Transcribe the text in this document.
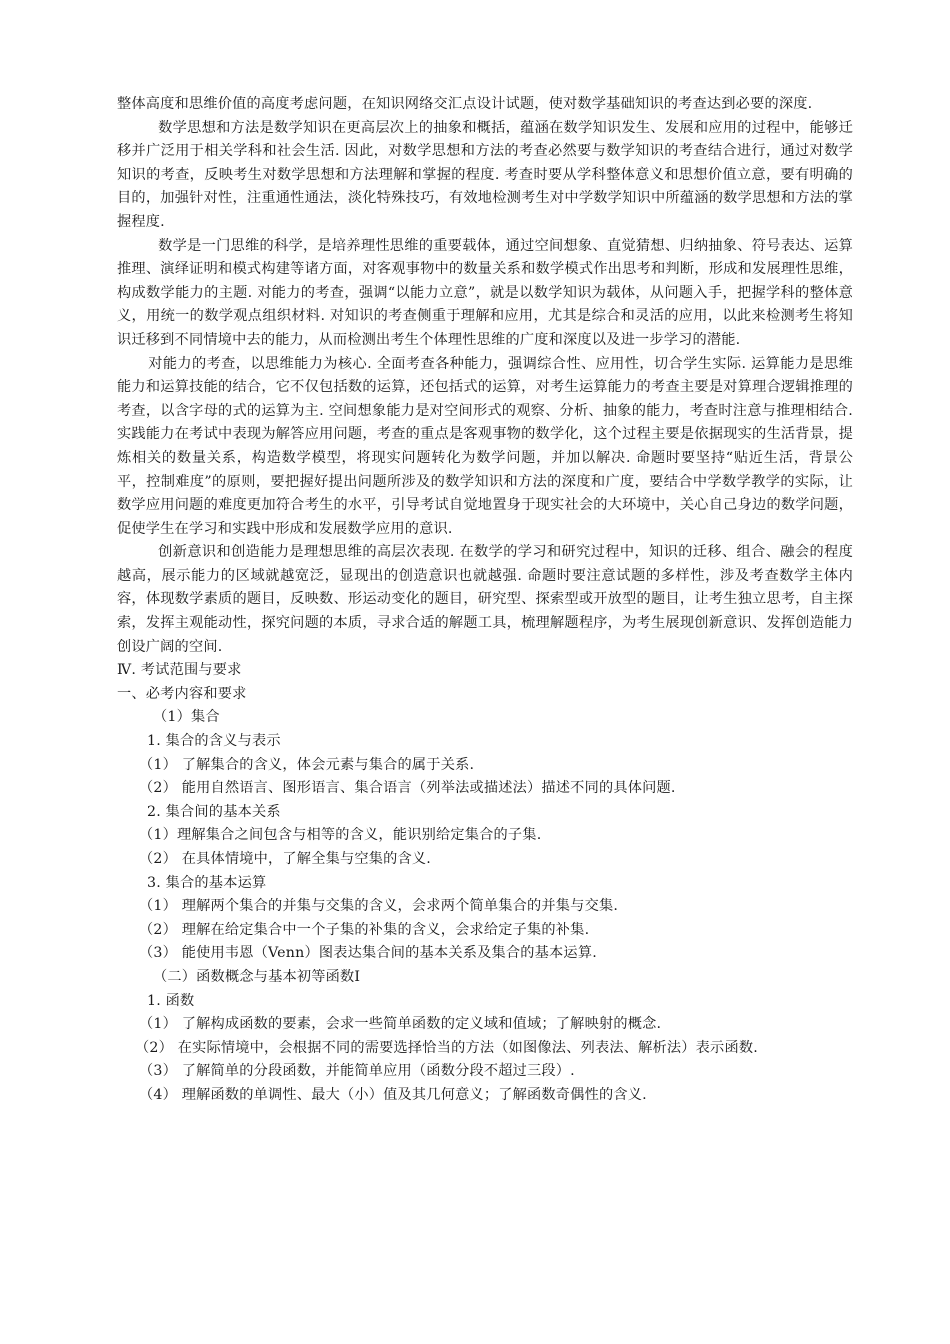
整体高度和思维价值的高度考虑问题，在知识网络交汇点设计试题，使对数学基础知识的考查达到必要的深度.

数学思想和方法是数学知识在更高层次上的抽象和概括，蕴涵在数学知识发生、发展和应用的过程中，能够迁移并广泛用于相关学科和社会生活. 因此，对数学思想和方法的考查必然要与数学知识的考查结合进行，通过对数学知识的考查，反映考生对数学思想和方法理解和掌握的程度. 考查时要从学科整体意义和思想价值立意，要有明确的目的，加强针对性，注重通性通法，淡化特殊技巧，有效地检测考生对中学数学知识中所蕴涵的数学思想和方法的掌握程度.

数学是一门思维的科学，是培养理性思维的重要载体，通过空间想象、直觉猜想、归纳抽象、符号表达、运算推理、演绎证明和模式构建等诸方面，对客观事物中的数量关系和数学模式作出思考和判断，形成和发展理性思维，构成数学能力的主题. 对能力的考查，强调“以能力立意”，就是以数学知识为载体，从问题入手，把握学科的整体意义，用统一的数学观点组织材料. 对知识的考查侧重于理解和应用，尤其是综合和灵活的应用，以此来检测考生将知识迁移到不同情境中去的能力，从而检测出考生个体理性思维的广度和深度以及进一步学习的潜能.

对能力的考查，以思维能力为核心. 全面考查各种能力，强调综合性、应用性，切合学生实际. 运算能力是思维能力和运算技能的结合，它不仅包括数的运算，还包括式的运算，对考生运算能力的考查主要是对算理合逻辑推理的考查，以含字母的式的运算为主. 空间想象能力是对空间形式的观察、分析、抽象的能力，考查时注意与推理相结合. 实践能力在考试中表现为解答应用问题，考查的重点是客观事物的数学化，这个过程主要是依据现实的生活背景，提炼相关的数量关系，构造数学模型，将现实问题转化为数学问题，并加以解决. 命题时要坚持“贴近生活，背景公平，控制难度”的原则，要把握好提出问题所涉及的数学知识和方法的深度和广度，要结合中学数学教学的实际，让数学应用问题的难度更加符合考生的水平，引导考试自觉地置身于现实社会的大环境中，关心自己身边的数学问题，促使学生在学习和实践中形成和发展数学应用的意识.

创新意识和创造能力是理想思维的高层次表现. 在数学的学习和研究过程中，知识的迁移、组合、融会的程度越高，展示能力的区域就越宽泛，显现出的创造意识也就越强. 命题时要注意试题的多样性，涉及考查数学主体内容，体现数学素质的题目，反映数、形运动变化的题目，研究型、探索型或开放型的题目，让考生独立思考，自主探索，发挥主观能动性，探究问题的本质，寻求合适的解题工具，梳理解题程序，为考生展现创新意识、发挥创造能力创设广阔的空间.

Ⅳ. 考试范围与要求

一、必考内容和要求

（1）集合

1. 集合的含义与表示

（1） 了解集合的含义，体会元素与集合的属于关系.

（2） 能用自然语言、图形语言、集合语言（列举法或描述法）描述不同的具体问题.

2. 集合间的基本关系

（1）理解集合之间包含与相等的含义，能识别给定集合的子集.

（2） 在具体情境中，了解全集与空集的含义.

3. 集合的基本运算

（1） 理解两个集合的并集与交集的含义，会求两个简单集合的并集与交集.

（2） 理解在给定集合中一个子集的补集的含义，会求给定子集的补集.

（3） 能使用韦恩（Venn）图表达集合间的基本关系及集合的基本运算.

（二）函数概念与基本初等函数Ⅰ

1. 函数

（1） 了解构成函数的要素，会求一些简单函数的定义域和值域；了解映射的概念.

（2） 在实际情境中，会根据不同的需要选择恰当的方法（如图像法、列表法、解析法）表示函数.

（3） 了解简单的分段函数，并能简单应用（函数分段不超过三段）.

（4） 理解函数的单调性、最大（小）值及其几何意义；了解函数奇偶性的含义.
